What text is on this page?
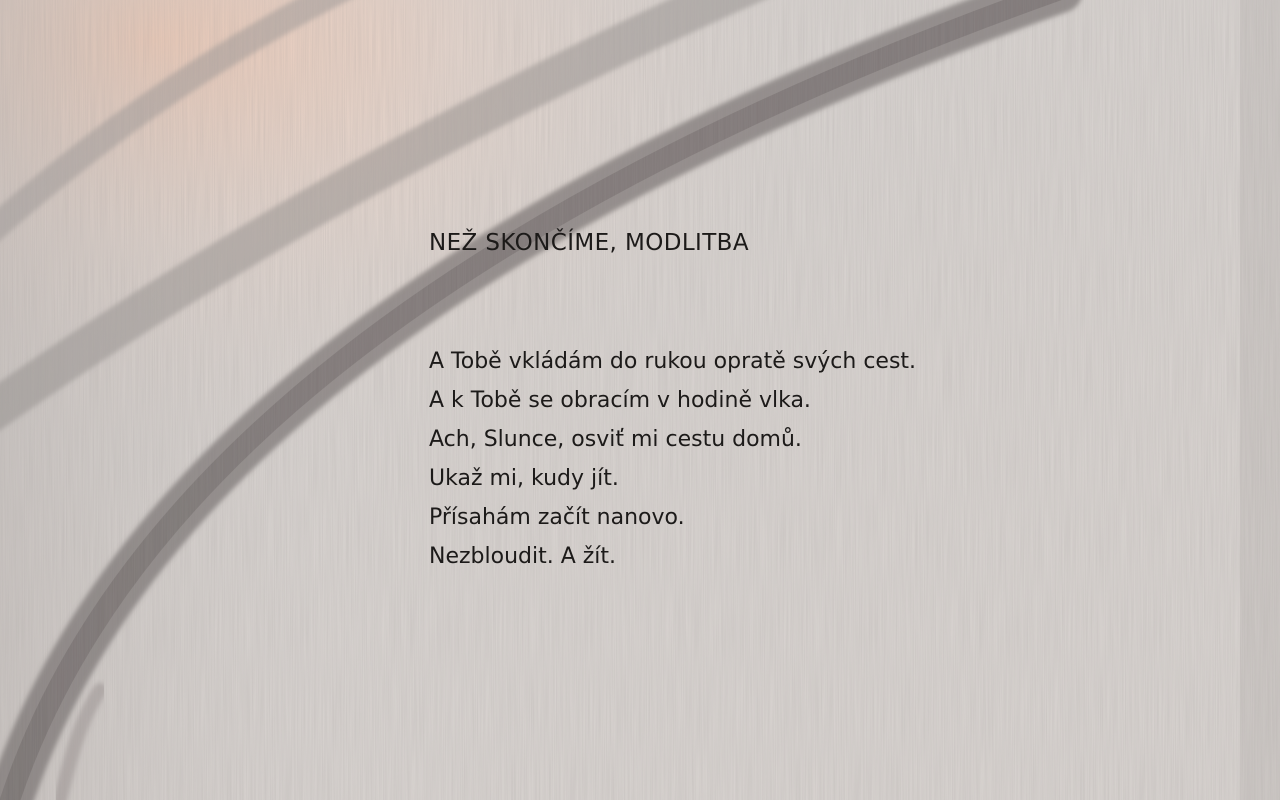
NEŽ SKONČÍME, MODLITBA
A Tobě vkládám do rukou opratě svých cest.
A k Tobě se obracím v hodině vlka.
Ach, Slunce, osviť mi cestu domů.
Ukaž mi, kudy jít.
Přísahám začít nanovo.
Nezbloudit. A žít.
